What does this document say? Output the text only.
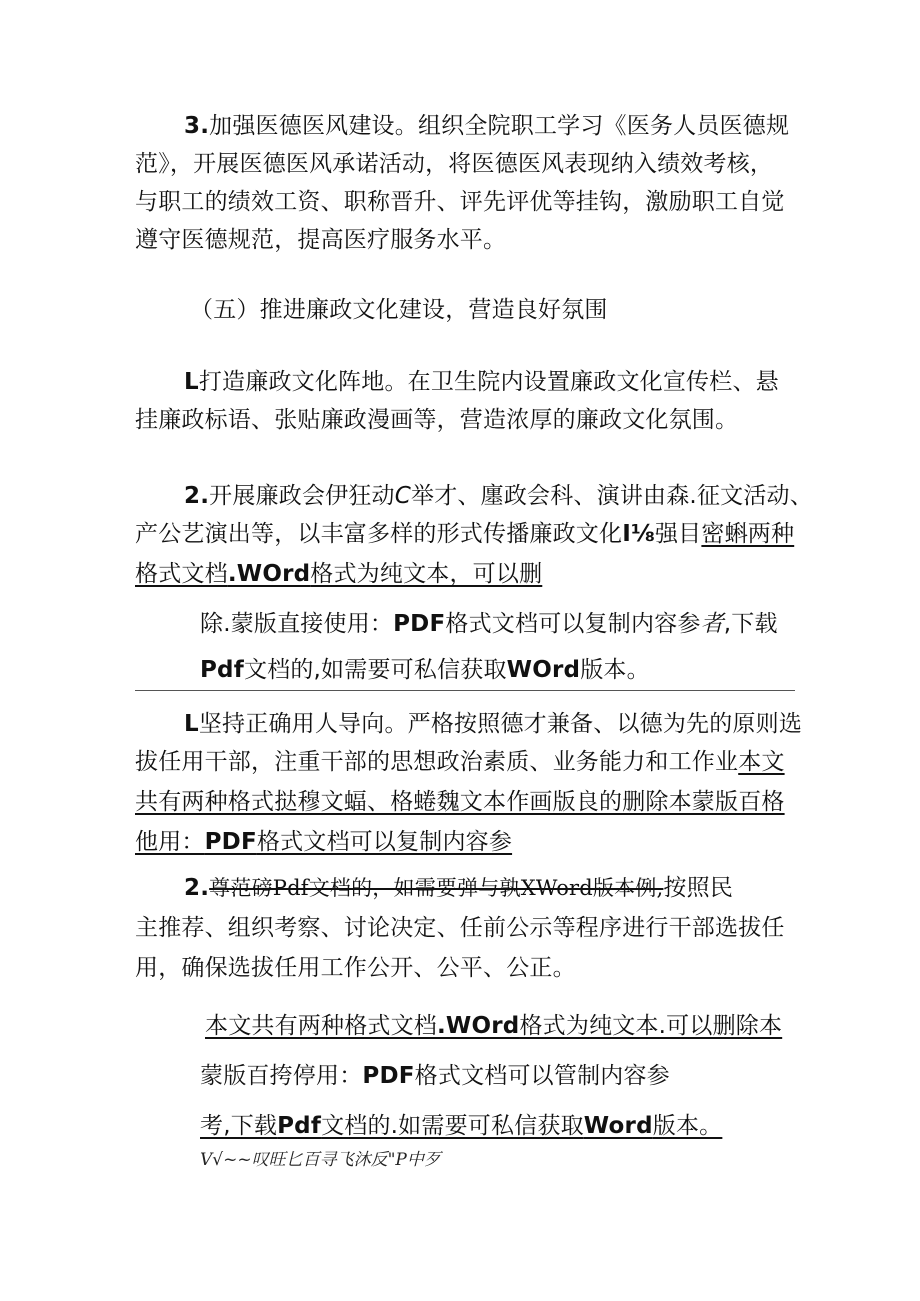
3.加强医德医风建设。组织全院职工学习《医务人员医德规
范》，开展医德医风承诺活动，将医德医风表现纳入绩效考核，
与职工的绩效工资、职称晋升、评先评优等挂钩，激励职工自觉
遵守医德规范，提高医疗服务水平。
（五）推进廉政文化建设，营造良好氛围
L打造廉政文化阵地。在卫生院内设置廉政文化宣传栏、悬
挂廉政标语、张贴廉政漫画等，营造浓厚的廉政文化氛围。
2.开展廉政会伊狂动C举才、廛政会科、演讲由森.征文活动、
产公艺演出等，以丰富多样的形式传播廉政文化I⅛强目密蝌两种
格式文档.WOrd格式为纯文本，可以删
除.蒙版直接使用：PDF格式文档可以复制内容参者,下载
Pdf文档的,如需要可私信获取WOrd版本。
L坚持正确用人导向。严格按照德才兼备、以德为先的原则选
拔任用干部，注重干部的思想政治素质、业务能力和工作业本文
共有两种格式挞穆文蝠、格蜷魏文本作画版良的删除本蒙版百格
他用：PDF格式文档可以复制内容参
2.尊范磅Pdf文档的，如需要弹与孰XWord版本例,按照民
主推荐、组织考察、讨论决定、任前公示等程序进行干部选拔任
用，确保选拔任用工作公开、公平、公正。
本文共有两种格式文档.WOrd格式为纯文本.可以删除本
蒙版百挎停用：PDF格式文档可以管制内容参
考,下载Pdf文档的.如需要可私信获取Word版本。
V√~~叹旺匕百寻飞沐反"P中歹
